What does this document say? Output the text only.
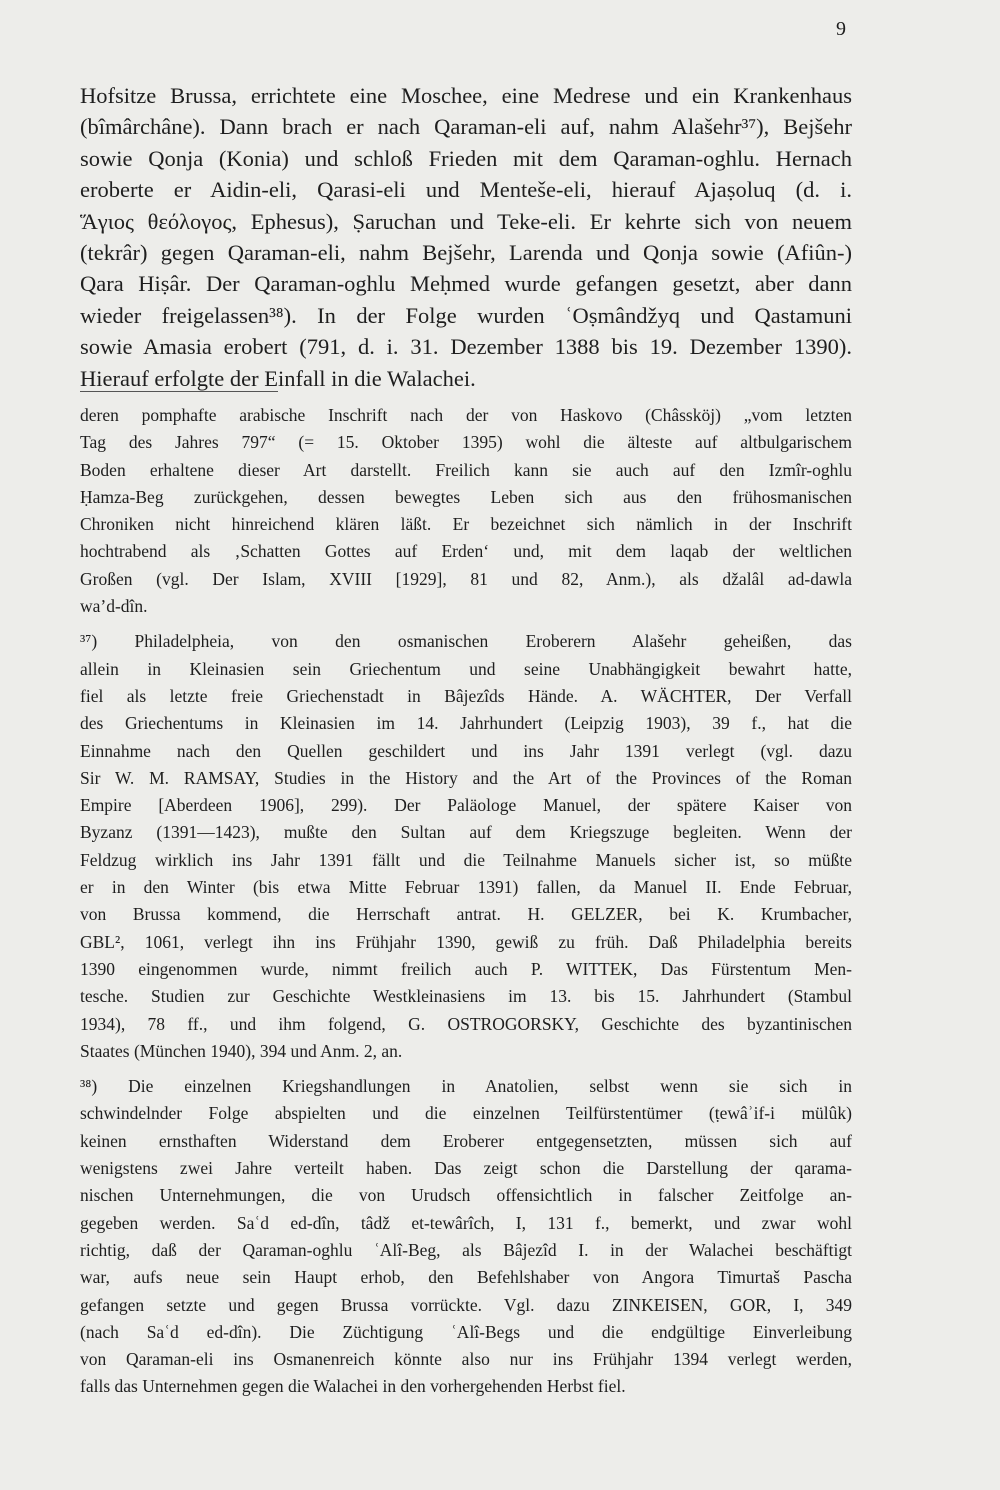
9
Hofsitze Brussa, errichtete eine Moschee, eine Medrese und ein Krankenhaus
(bîmârchâne). Dann brach er nach Qaraman-eli auf, nahm Alašehr³⁷), Bejšehr
sowie Qonja (Konia) und schloß Frieden mit dem Qaraman-oghlu. Hernach
eroberte er Aidin-eli, Qarasi-eli und Menteše-eli, hierauf Ajaṣoluq (d. i.
Ἅγιος θεόλογος, Ephesus), Ṣaruchan und Teke-eli. Er kehrte sich von neuem
(tekrâr) gegen Qaraman-eli, nahm Bejšehr, Larenda und Qonja sowie (Afiûn-)
Qara Hiṣâr. Der Qaraman-oghlu Meḥmed wurde gefangen gesetzt, aber dann
wieder freigelassen³⁸). In der Folge wurden ʿOṣmândžyq und Qastamuni
sowie Amasia erobert (791, d. i. 31. Dezember 1388 bis 19. Dezember 1390).
Hierauf erfolgte der Einfall in die Walachei.
deren pomphafte arabische Inschrift nach der von Haskovo (Châssköj) „vom letzten
Tag des Jahres 797“ (= 15. Oktober 1395) wohl die älteste auf altbulgarischem
Boden erhaltene dieser Art darstellt. Freilich kann sie auch auf den Izmîr-oghlu
Ḥamza-Beg zurückgehen, dessen bewegtes Leben sich aus den frühosmanischen
Chroniken nicht hinreichend klären läßt. Er bezeichnet sich nämlich in der Inschrift
hochtrabend als ‚Schatten Gottes auf Erden‘ und, mit dem laqab der weltlichen
Großen (vgl. Der Islam, XVIII [1929], 81 und 82, Anm.), als džalâl ad-dawla
wa’d-dîn.
³⁷) Philadelpheia, von den osmanischen Eroberern Alašehr geheißen, das
allein in Kleinasien sein Griechentum und seine Unabhängigkeit bewahrt hatte,
fiel als letzte freie Griechenstadt in Bâjezîds Hände. A. WÄCHTER, Der Verfall
des Griechentums in Kleinasien im 14. Jahrhundert (Leipzig 1903), 39 f., hat die
Einnahme nach den Quellen geschildert und ins Jahr 1391 verlegt (vgl. dazu
Sir W. M. RAMSAY, Studies in the History and the Art of the Provinces of the Roman
Empire [Aberdeen 1906], 299). Der Paläologe Manuel, der spätere Kaiser von
Byzanz (1391—1423), mußte den Sultan auf dem Kriegszuge begleiten. Wenn der
Feldzug wirklich ins Jahr 1391 fällt und die Teilnahme Manuels sicher ist, so müßte
er in den Winter (bis etwa Mitte Februar 1391) fallen, da Manuel II. Ende Februar,
von Brussa kommend, die Herrschaft antrat. H. GELZER, bei K. Krumbacher,
GBL², 1061, verlegt ihn ins Frühjahr 1390, gewiß zu früh. Daß Philadelphia bereits
1390 eingenommen wurde, nimmt freilich auch P. WITTEK, Das Fürstentum Men-
tesche. Studien zur Geschichte Westkleinasiens im 13. bis 15. Jahrhundert (Stambul
1934), 78 ff., und ihm folgend, G. OSTROGORSKY, Geschichte des byzantinischen
Staates (München 1940), 394 und Anm. 2, an.
³⁸) Die einzelnen Kriegshandlungen in Anatolien, selbst wenn sie sich in
schwindelnder Folge abspielten und die einzelnen Teilfürstentümer (ṭewâʾif-i mülûk)
keinen ernsthaften Widerstand dem Eroberer entgegensetzten, müssen sich auf
wenigstens zwei Jahre verteilt haben. Das zeigt schon die Darstellung der qarama-
nischen Unternehmungen, die von Urudsch offensichtlich in falscher Zeitfolge an-
gegeben werden. Saʿd ed-dîn, tâdž et-tewârîch, I, 131 f., bemerkt, und zwar wohl
richtig, daß der Qaraman-oghlu ʿAlî-Beg, als Bâjezîd I. in der Walachei beschäftigt
war, aufs neue sein Haupt erhob, den Befehlshaber von Angora Timurtaš Pascha
gefangen setzte und gegen Brussa vorrückte. Vgl. dazu ZINKEISEN, GOR, I, 349
(nach Saʿd ed-dîn). Die Züchtigung ʿAlî-Begs und die endgültige Einverleibung
von Qaraman-eli ins Osmanenreich könnte also nur ins Frühjahr 1394 verlegt werden,
falls das Unternehmen gegen die Walachei in den vorhergehenden Herbst fiel.
